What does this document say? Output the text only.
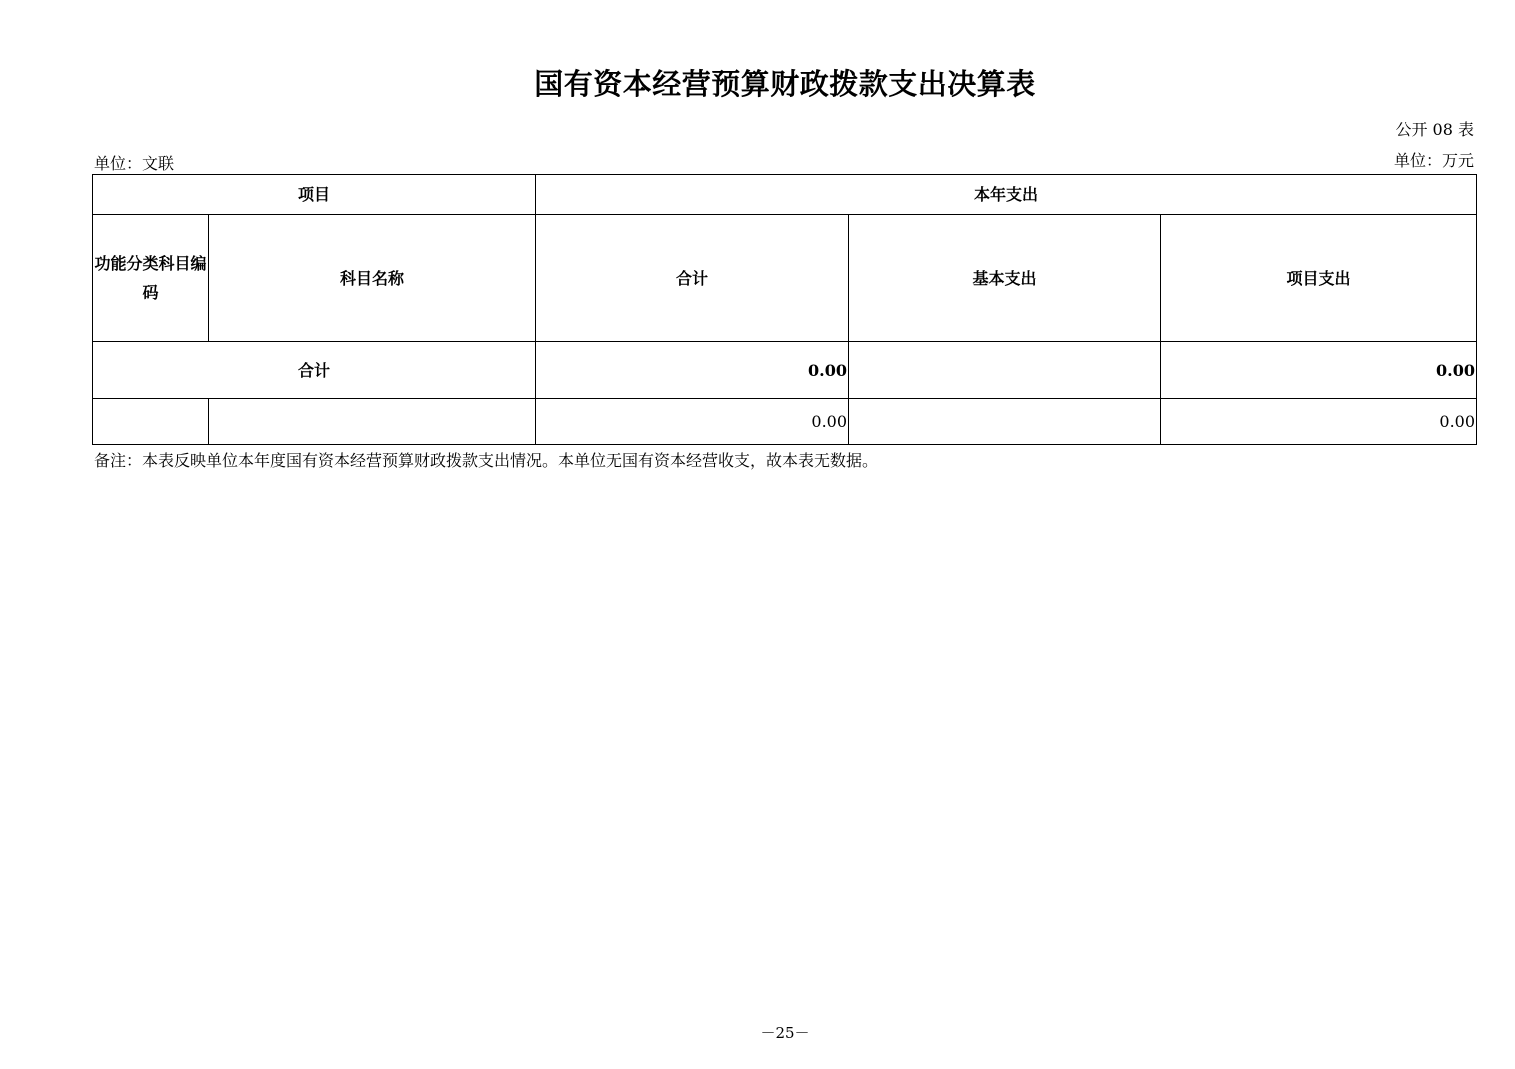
国有资本经营预算财政拨款支出决算表
公开 08 表
单位：文联	单位：万元
项目		本年支出		
功能分类科目编码	科目名称	合计	基本支出	项目支出
合计		0.00		0.00
		0.00		0.00
备注：本表反映单位本年度国有资本经营预算财政拨款支出情况。本单位无国有资本经营收支，故本表无数据。
－25－
